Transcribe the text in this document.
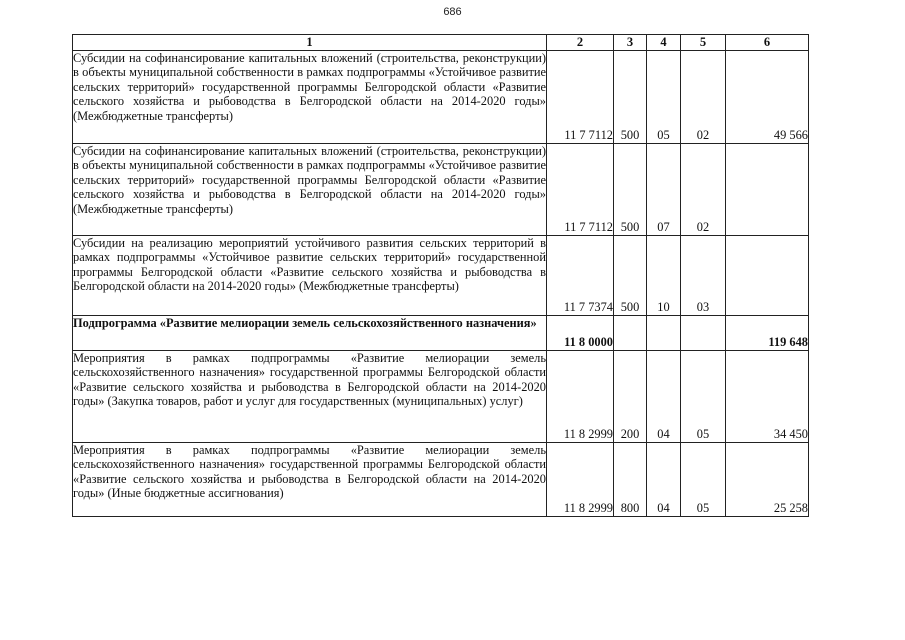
686
1	2	3	4	5	6
Субсидии на софинансирование капитальных вложений (строительства, реконструкции) в объекты муниципальной собственности в рамках подпрограммы «Устойчивое развитие сельских территорий» государственной программы Белгородской области «Развитие сельского хозяйства и рыбоводства в Белгородской области на 2014-2020 годы» (Межбюджетные трансферты)	11 7 7112	500	05	02	49 566
Субсидии на софинансирование капитальных вложений (строительства, реконструкции) в объекты муниципальной собственности в рамках подпрограммы «Устойчивое развитие сельских территорий» государственной программы Белгородской области «Развитие сельского хозяйства и рыбоводства в Белгородской области на 2014-2020 годы» (Межбюджетные трансферты)	11 7 7112	500	07	02	
Субсидии на реализацию мероприятий устойчивого развития сельских территорий в рамках подпрограммы «Устойчивое развитие сельских территорий» государственной программы Белгородской области «Развитие сельского хозяйства и рыбоводства в Белгородской области на 2014-2020 годы» (Межбюджетные трансферты)	11 7 7374	500	10	03	
Подпрограмма «Развитие мелиорации земель сельскохозяйственного назначения»	11 8 0000				119 648
Мероприятия в рамках подпрограммы «Развитие мелиорации земель сельскохозяйственного назначения» государственной программы Белгородской области «Развитие сельского хозяйства и рыбоводства в Белгородской области на 2014-2020 годы» (Закупка товаров, работ и услуг для государственных (муниципальных) услуг)	11 8 2999	200	04	05	34 450
Мероприятия в рамках подпрограммы «Развитие мелиорации земель сельскохозяйственного назначения» государственной программы Белгородской области «Развитие сельского хозяйства и рыбоводства в Белгородской области на 2014-2020 годы» (Иные бюджетные ассигнования)	11 8 2999	800	04	05	25 258
